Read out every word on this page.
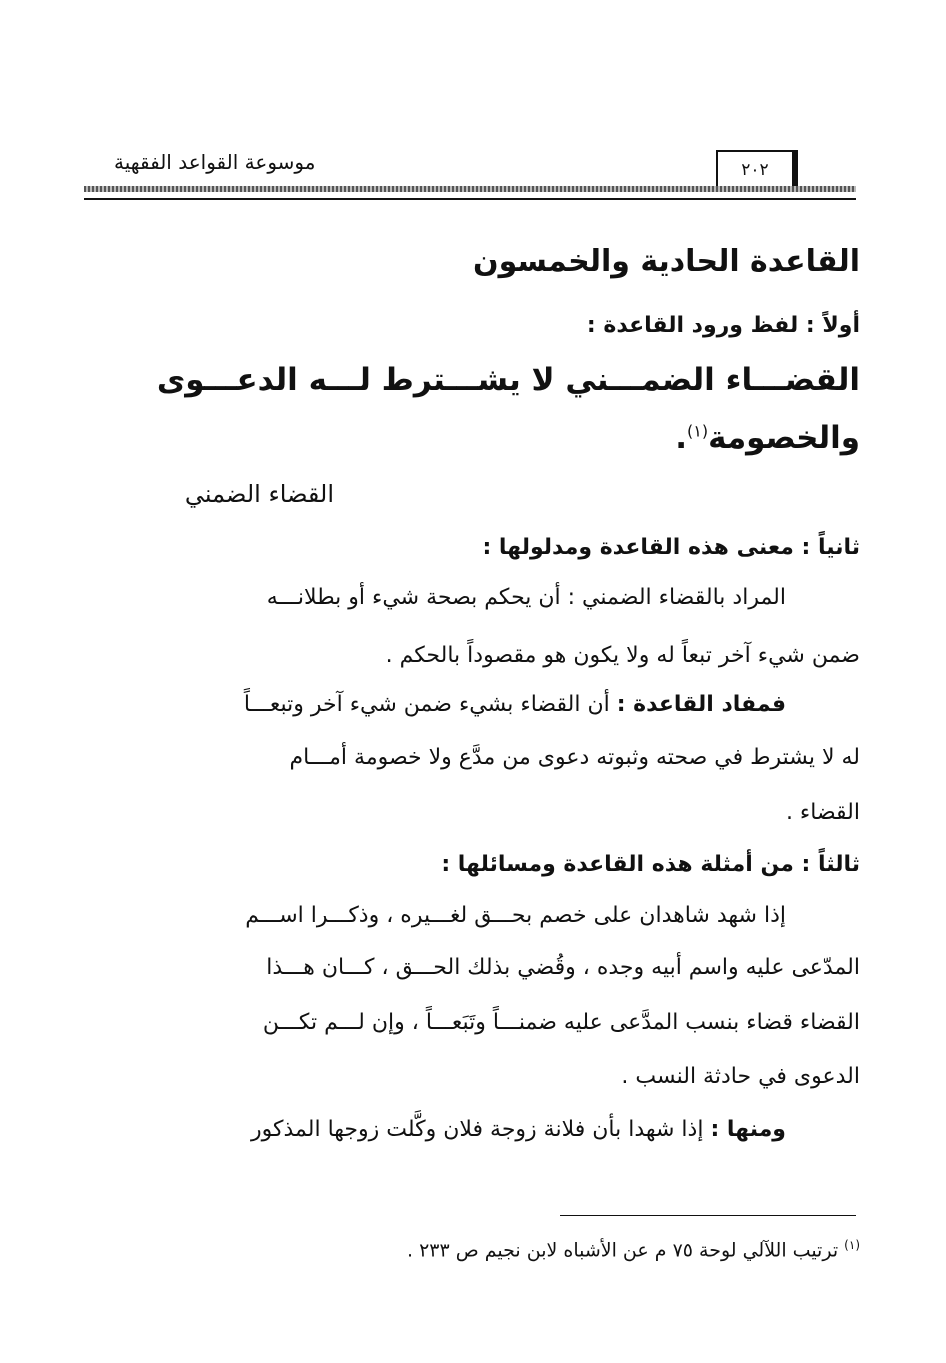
موسوعة القواعد الفقهية	٢٠٢
القاعدة الحادية والخمسون
أولاً : لفظ ورود القاعدة :
القضـــاء الضمـــني لا يشـــترط لـــه الدعـــوى
والخصومة$^{(١)}$.
القضاء الضمني
ثانياً : معنى هذه القاعدة ومدلولها :
المراد بالقضاء الضمني : أن يحكم بصحة شيء أو بطلانـــه
ضمن شيء آخر تبعاً له ولا يكون هو مقصوداً بالحكم .
فمفاد القاعدة : أن القضاء بشيء ضمن شيء آخر وتبعـــاً
له لا يشترط في صحته وثبوته دعوى من مدَّع ولا خصومة أمـــام
القضاء .
ثالثاً : من أمثلة هذه القاعدة ومسائلها :
إذا شهد شاهدان على خصم بحـــق لغـــيره ، وذكـــرا اســـم
المدّعى عليه واسم أبيه وجده ، وقُضي بذلك الحـــق ، كـــان هـــذا
القضاء قضاء بنسب المدَّعى عليه ضمنـــاً وتَبَعـــاً ، وإن لـــم تكـــن
الدعوى في حادثة النسب .
ومنها : إذا شهدا بأن فلانة زوجة فلان وكَّلت زوجها المذكور
$^{(١)}$ ترتيب اللآلي لوحة ٧٥ م عن الأشباه لابن نجيم ص ٢٣٣ .
